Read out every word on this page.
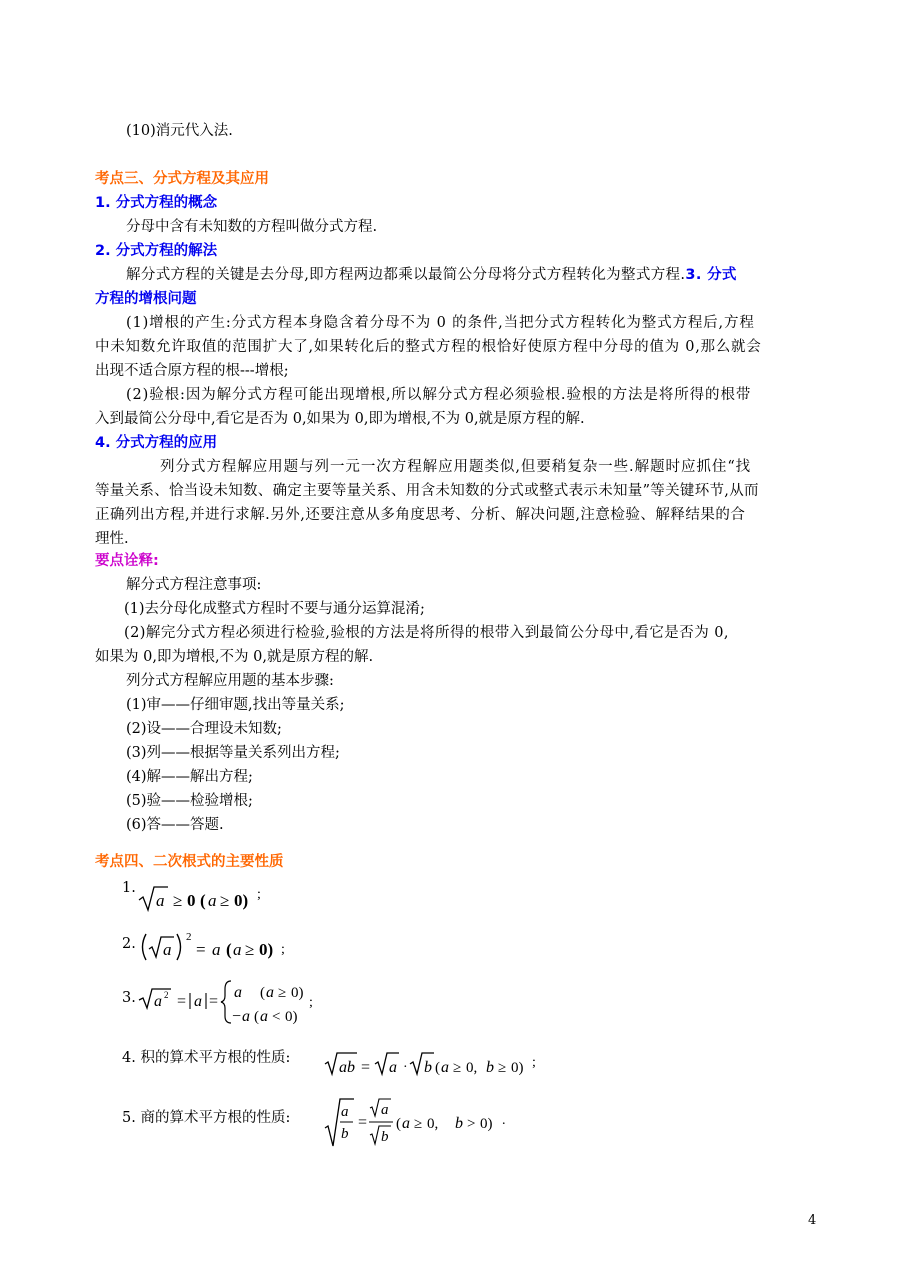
(10)消元代入法.
考点三、分式方程及其应用
1. 分式方程的概念
分母中含有未知数的方程叫做分式方程.
2. 分式方程的解法
解分式方程的关键是去分母,即方程两边都乘以最简公分母将分式方程转化为整式方程.3. 分式
方程的增根问题
(1)增根的产生:分式方程本身隐含着分母不为 0 的条件,当把分式方程转化为整式方程后,方程
中未知数允许取值的范围扩大了,如果转化后的整式方程的根恰好使原方程中分母的值为 0,那么就会
出现不适合原方程的根---增根;
(2)验根:因为解分式方程可能出现增根,所以解分式方程必须验根.验根的方法是将所得的根带
入到最简公分母中,看它是否为 0,如果为 0,即为增根,不为 0,就是原方程的解.
4. 分式方程的应用
列分式方程解应用题与列一元一次方程解应用题类似,但要稍复杂一些.解题时应抓住“找
等量关系、恰当设未知数、确定主要等量关系、用含未知数的分式或整式表示未知量”等关键环节,从而
正确列出方程,并进行求解.另外,还要注意从多角度思考、分析、解决问题,注意检验、解释结果的合
理性.
要点诠释:
解分式方程注意事项:
(1)去分母化成整式方程时不要与通分运算混淆;
(2)解完分式方程必须进行检验,验根的方法是将所得的根带入到最简公分母中,看它是否为 0,
如果为 0,即为增根,不为 0,就是原方程的解.
列分式方程解应用题的基本步骤:
(1)审——仔细审题,找出等量关系;
(2)设——合理设未知数;
(3)列——根据等量关系列出方程;
(4)解——解出方程;
(5)验——检验增根;
(6)答——答题.
考点四、二次根式的主要性质
1.
a ≥ 0 ( a ≥ 0) ;
2. a
2
= a ( a ≥ 0) ;
3. a 2 = a =
a ( a ≥ 0)
− a ( a < 0)
;
4. 积的算术平方根的性质:
ab = a · b ( a ≥ 0, b ≥ 0) ;
5. 商的算术平方根的性质:	a
b
=
a
b
( a ≥ 0, b > 0) .
4
